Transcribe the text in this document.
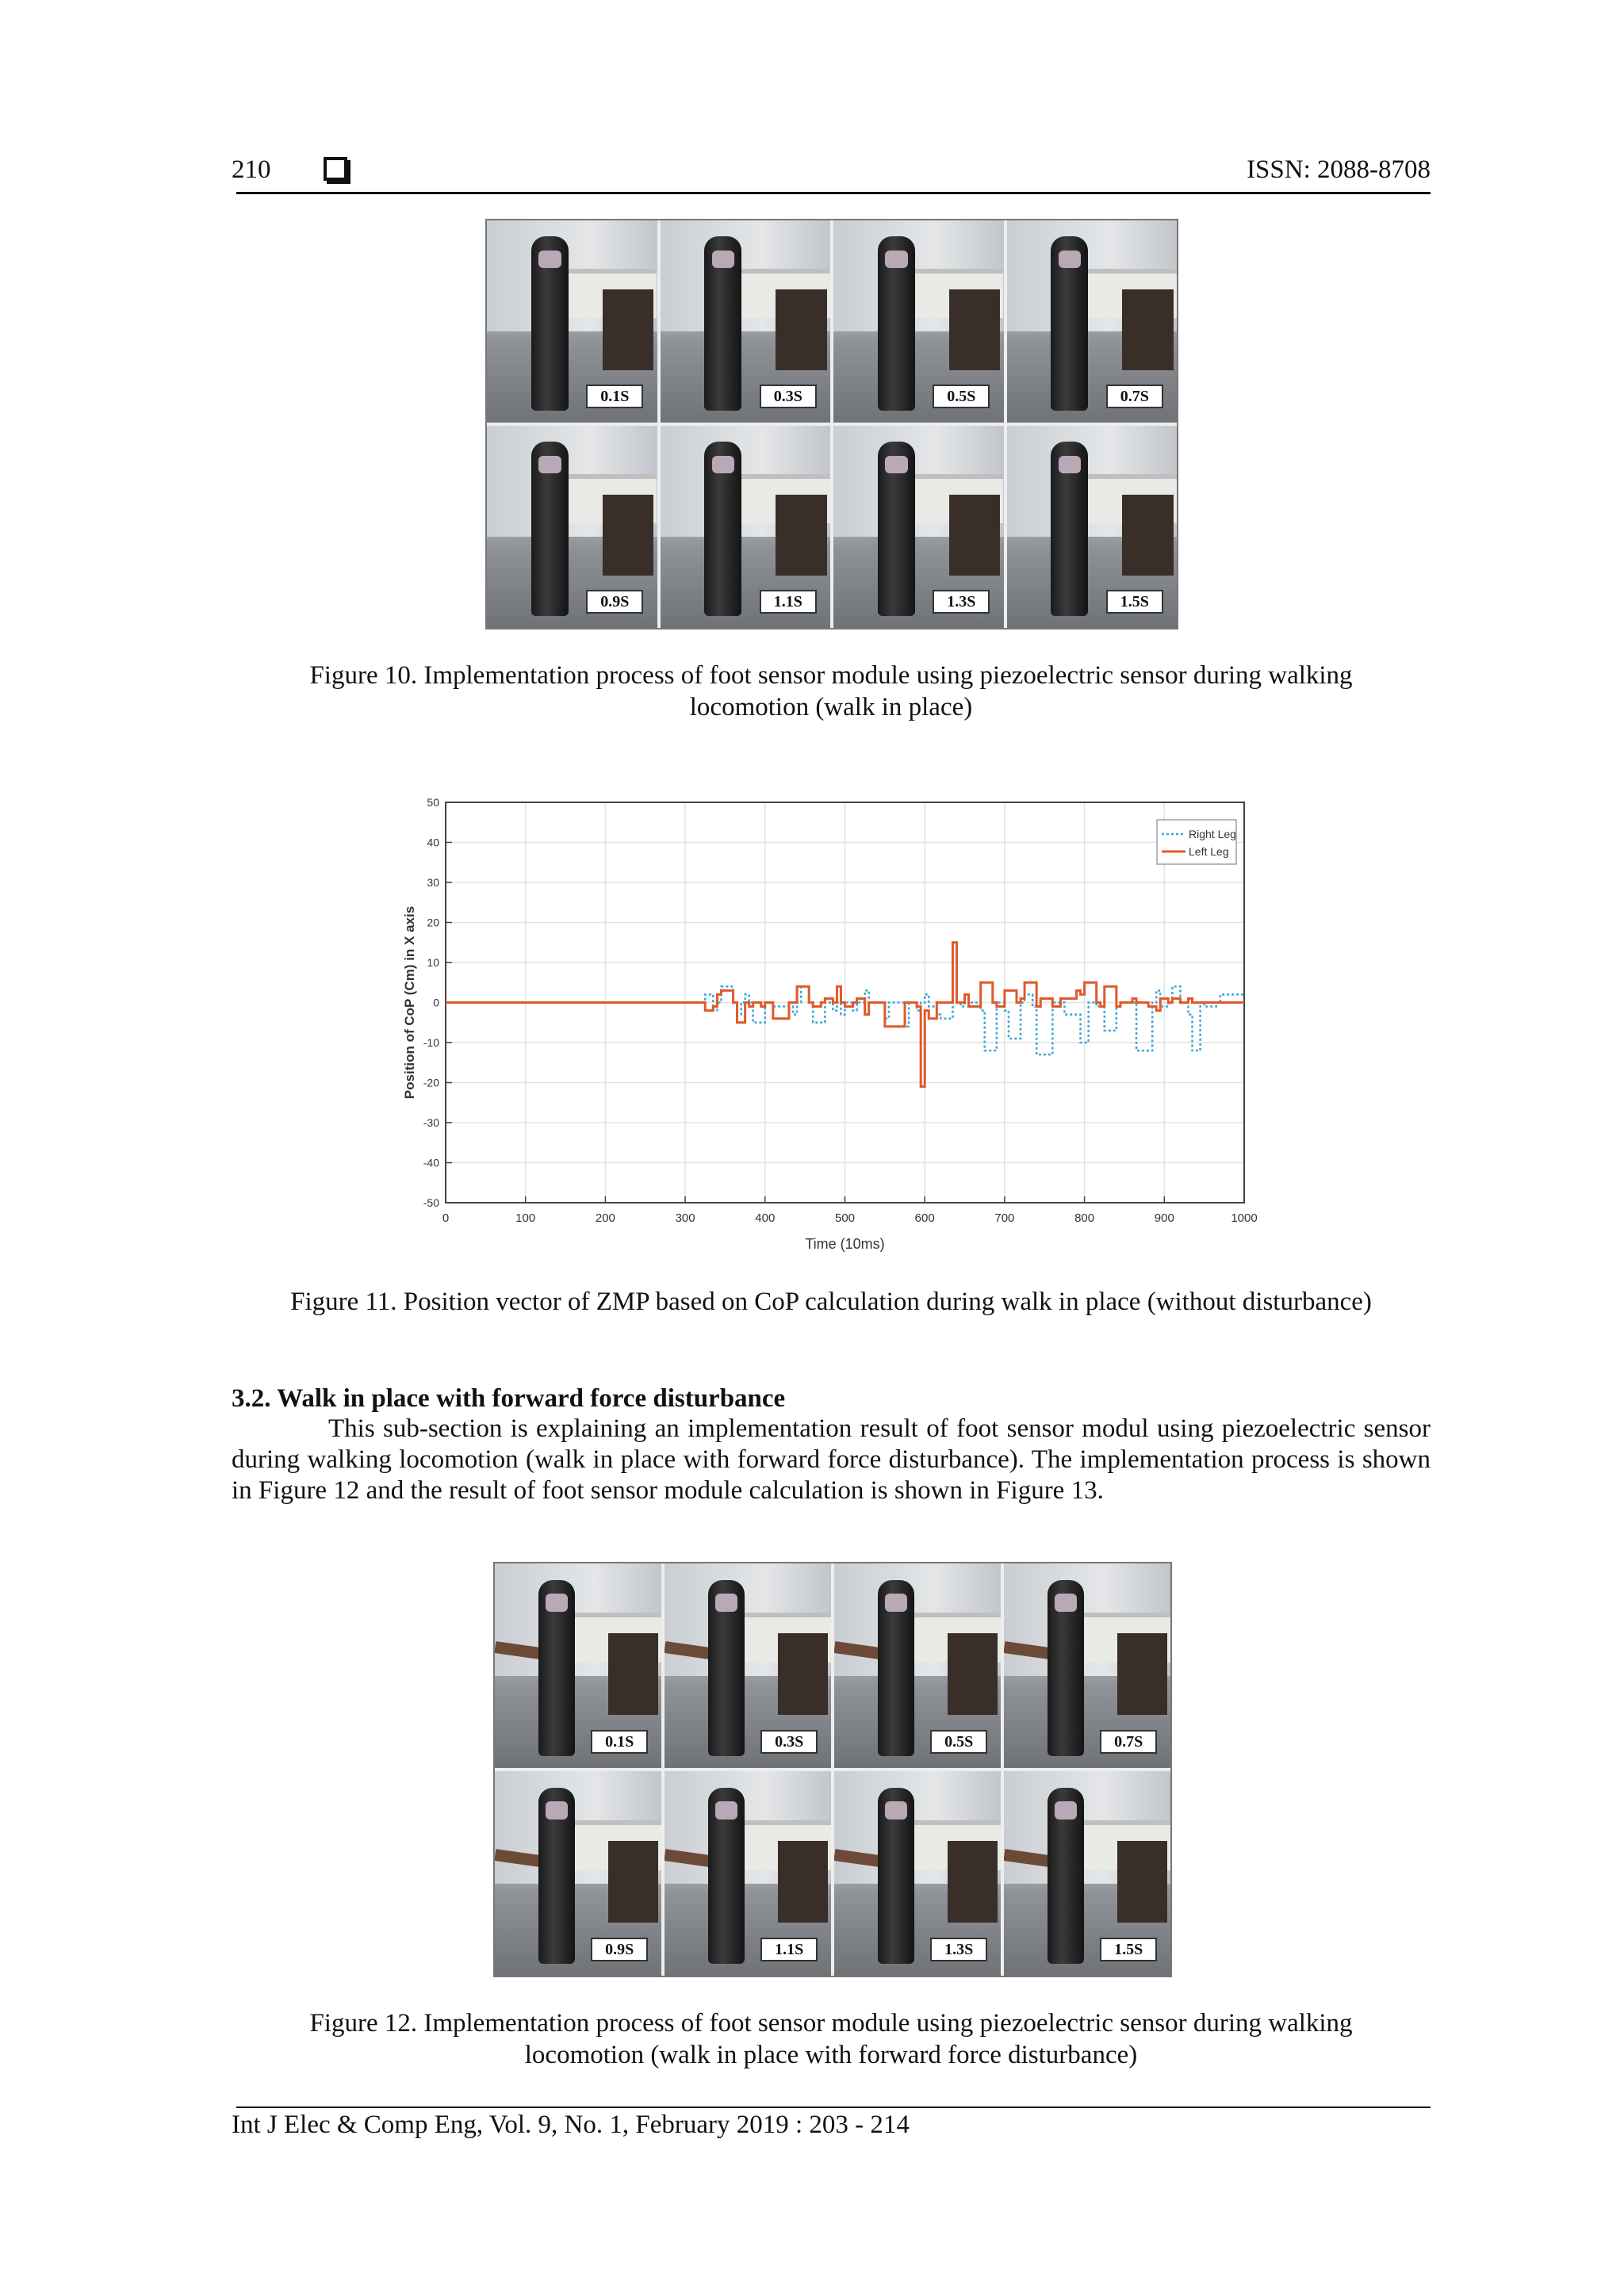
210	ISSN: 2088-8708
0.1S	0.3S	0.5S	0.7S
0.9S	1.1S	1.3S	1.5S
Figure 10. Implementation process of foot sensor module using piezoelectric sensor during walking
locomotion (walk in place)
0	100	200	300	400	500	600	700	800	900	1000
50
40
30
20
10
0
-10
-20
-30
-40
-50
Time (10ms)
Position of CoP (Cm) in X axis
Right Leg
Left Leg
Figure 11. Position vector of ZMP based on CoP calculation during walk in place (without disturbance)
3.2. Walk in place with forward force disturbance
This sub-section is explaining an implementation result of foot sensor modul using piezoelectric sensor during walking locomotion (walk in place with forward force disturbance). The implementation process is shown in Figure 12 and the result of foot sensor module calculation is shown in Figure 13.
0.1S	0.3S	0.5S	0.7S
0.9S	1.1S	1.3S	1.5S
Figure 12. Implementation process of foot sensor module using piezoelectric sensor during walking
locomotion (walk in place with forward force disturbance)
Int J Elec & Comp Eng, Vol. 9, No. 1, February 2019 : 203 - 214
